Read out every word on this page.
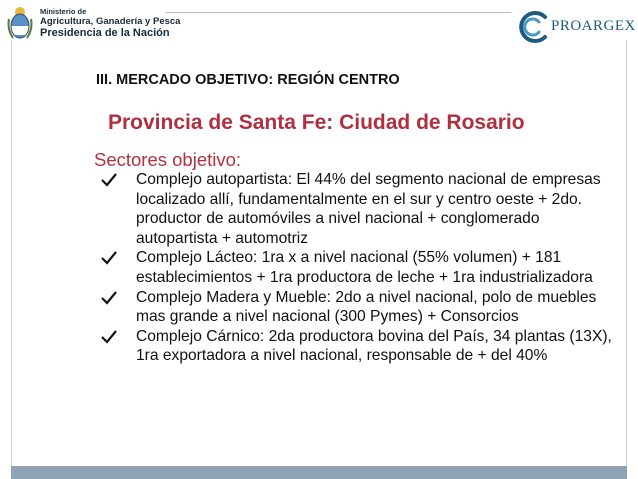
Ministerio de
Agricultura, Ganadería y Pesca
Presidencia de la Nación	PROARGEX
III. MERCADO OBJETIVO: REGIÓN CENTRO
Provincia de Santa Fe: Ciudad de Rosario
Sectores objetivo:
Complejo autopartista: El 44% del segmento nacional de empresas localizado allí, fundamentalmente en el sur y centro oeste + 2do. productor de automóviles a nivel nacional + conglomerado autopartista + automotriz
Complejo Lácteo: 1ra x a nivel nacional (55% volumen) + 181 establecimientos + 1ra productora de leche + 1ra industrializadora
Complejo Madera y Mueble: 2do a nivel nacional, polo de muebles mas grande a nivel nacional (300 Pymes) + Consorcios
Complejo Cárnico: 2da productora bovina del País, 34 plantas (13X), 1ra exportadora a nivel nacional, responsable de + del 40%
